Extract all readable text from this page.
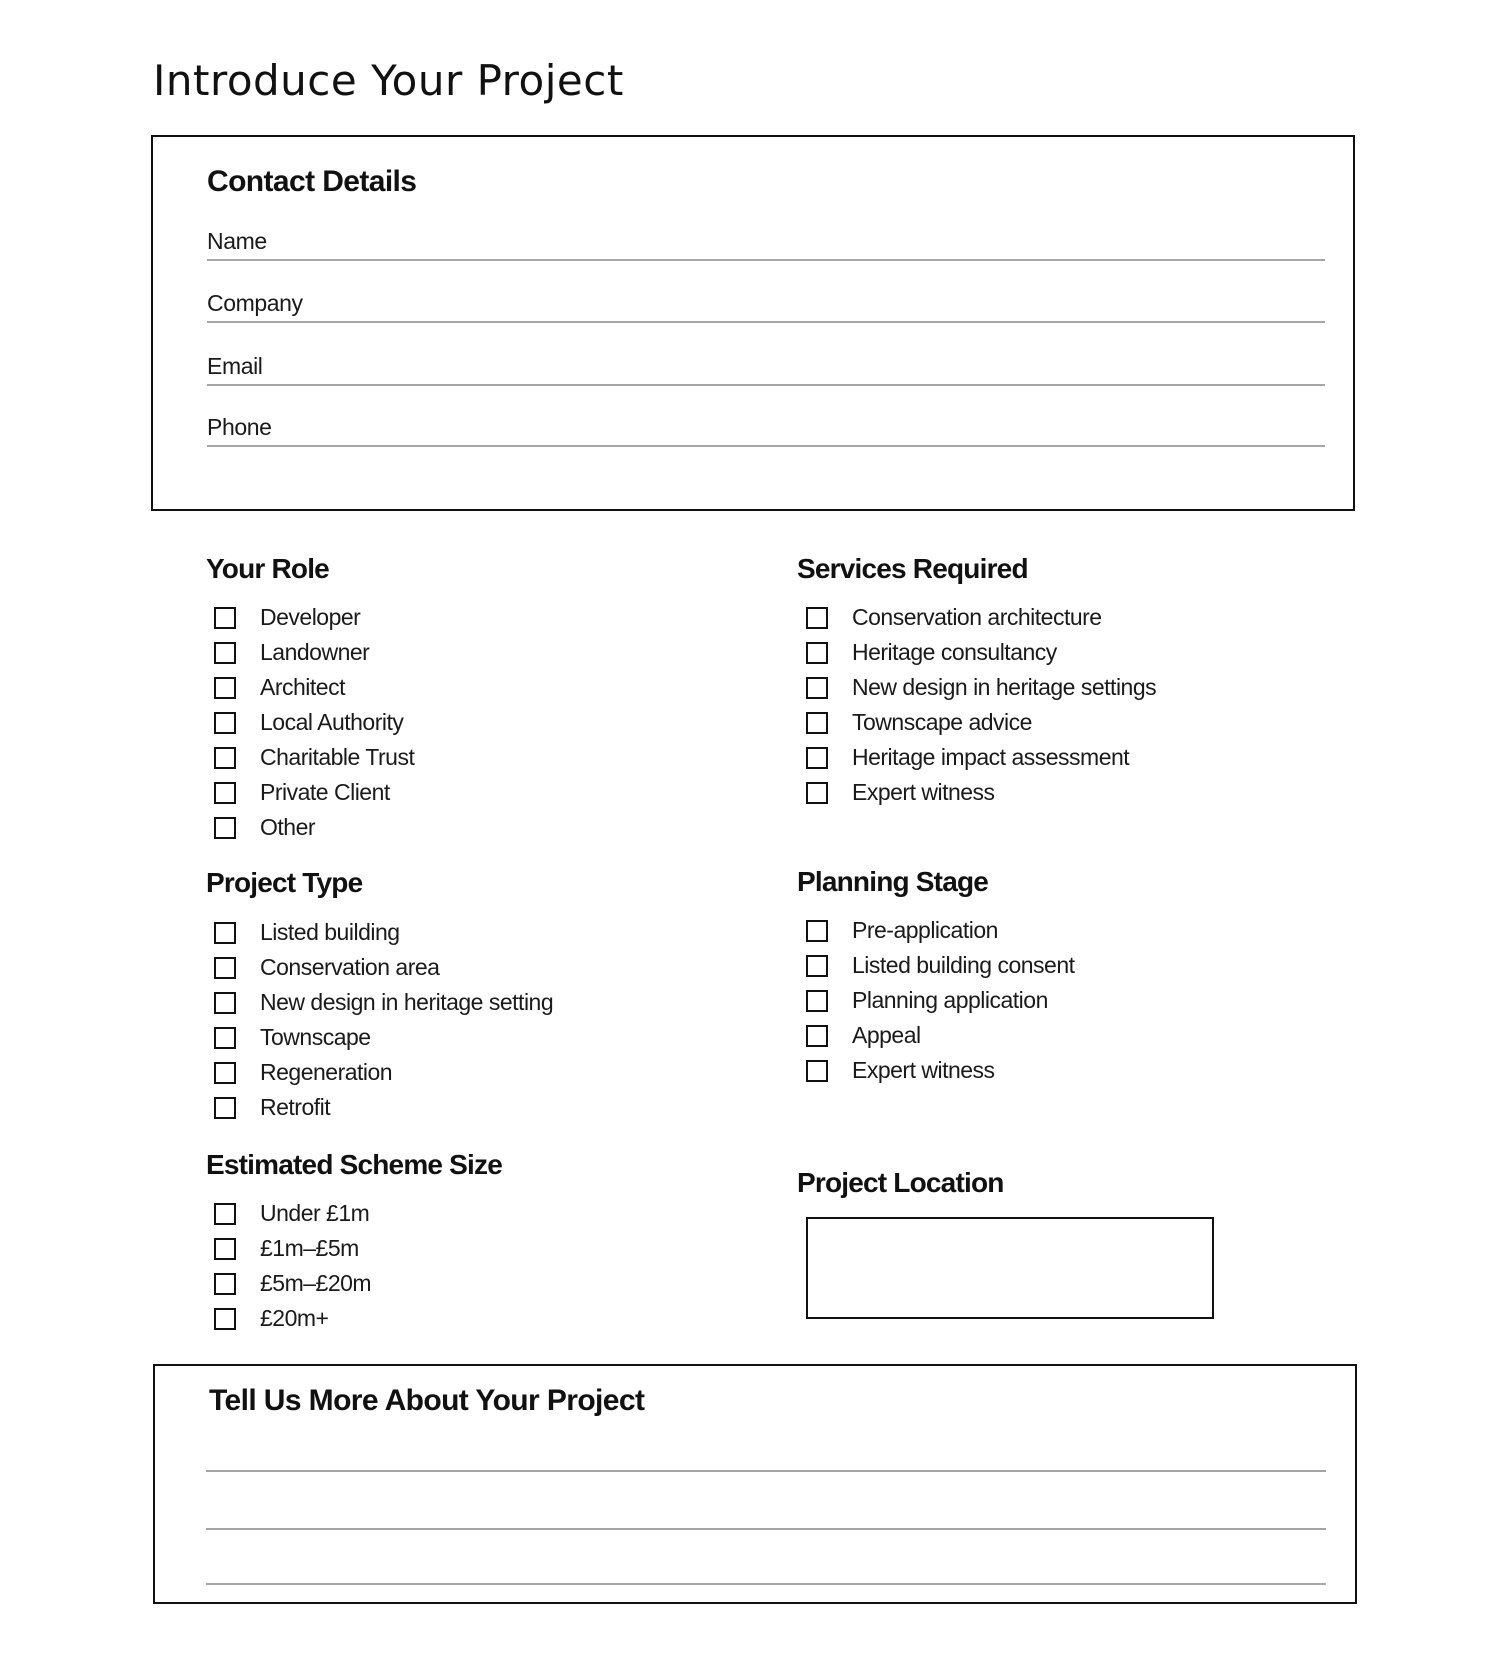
Introduce Your Project
Contact Details
Name
Company
Email
Phone
Your Role
Developer
Landowner
Architect
Local Authority
Charitable Trust
Private Client
Other
Services Required
Conservation architecture
Heritage consultancy
New design in heritage settings
Townscape advice
Heritage impact assessment
Expert witness
Project Type
Listed building
Conservation area
New design in heritage setting
Townscape
Regeneration
Retrofit
Planning Stage
Pre-application
Listed building consent
Planning application
Appeal
Expert witness
Estimated Scheme Size
Under £1m
£1m–£5m
£5m–£20m
£20m+
Project Location
Tell Us More About Your Project
